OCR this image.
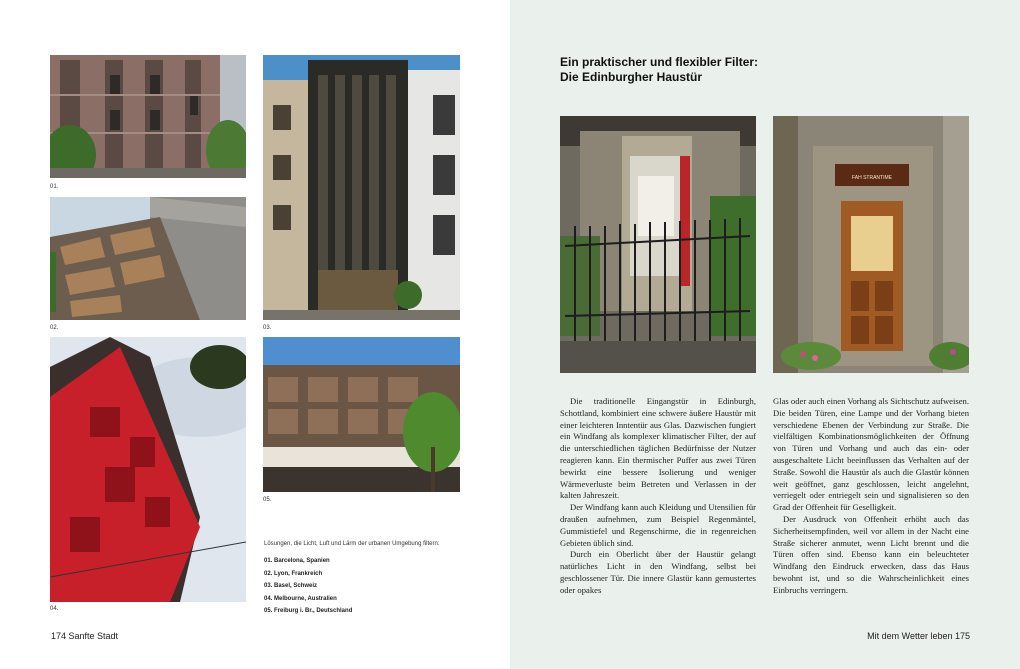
01.
02.	03.
04.
05.
Lösungen, die Licht, Luft und Lärm der urbanen Umgebung filtern:
01. Barcelona, Spanien
02. Lyon, Frankreich
03. Basel, Schweiz
04. Melbourne, Australien
05. Freiburg i. Br., Deutschland
174 Sanfte Stadt
Ein praktischer und flexibler Filter:
Die Edinburgher Haustür
FAH STRANTIME

Die traditionelle Eingangstür in Edinburgh, Schottland, kombiniert eine schwere äußere Haustür mit einer leichteren Inntentür aus Glas. Dazwischen fungiert ein Windfang als komplexer klimatischer Filter, der auf die unterschiedlichen täglichen Bedürfnisse der Nutzer reagieren kann. Ein thermischer Puffer aus zwei Türen bewirkt eine bessere Isolierung und weniger Wärmeverluste beim Betreten und Verlassen in der kalten Jahreszeit.

Der Windfang kann auch Kleidung und Utensilien für draußen aufnehmen, zum Beispiel Regenmäntel, Gummistiefel und Regenschirme, die in regenreichen Gebieten üblich sind.

Durch ein Oberlicht über der Haustür gelangt natürliches Licht in den Windfang, selbst bei geschlossener Tür. Die innere Glastür kann gemustertes oder opakes

Glas oder auch einen Vorhang als Sichtschutz aufweisen. Die beiden Türen, eine Lampe und der Vorhang bieten verschiedene Ebenen der Verbindung zur Straße. Die vielfältigen Kombinationsmöglichkeiten der Öffnung von Türen und Vorhang und auch das ein- oder ausgeschaltete Licht beeinflussen das Verhalten auf der Straße. Sowohl die Haustür als auch die Glastür können weit geöffnet, ganz geschlossen, leicht angelehnt, verriegelt oder entriegelt sein und signalisieren so den Grad der Offenheit für Geselligkeit.

Der Ausdruck von Offenheit erhöht auch das Sicherheitsempfinden, weil vor allem in der Nacht eine Straße sicherer anmutet, wenn Licht brennt und die Türen offen sind. Ebenso kann ein beleuchteter Windfang den Eindruck erwecken, dass das Haus bewohnt ist, und so die Wahrscheinlichkeit eines Einbruchs verringern.

Mit dem Wetter leben 175
